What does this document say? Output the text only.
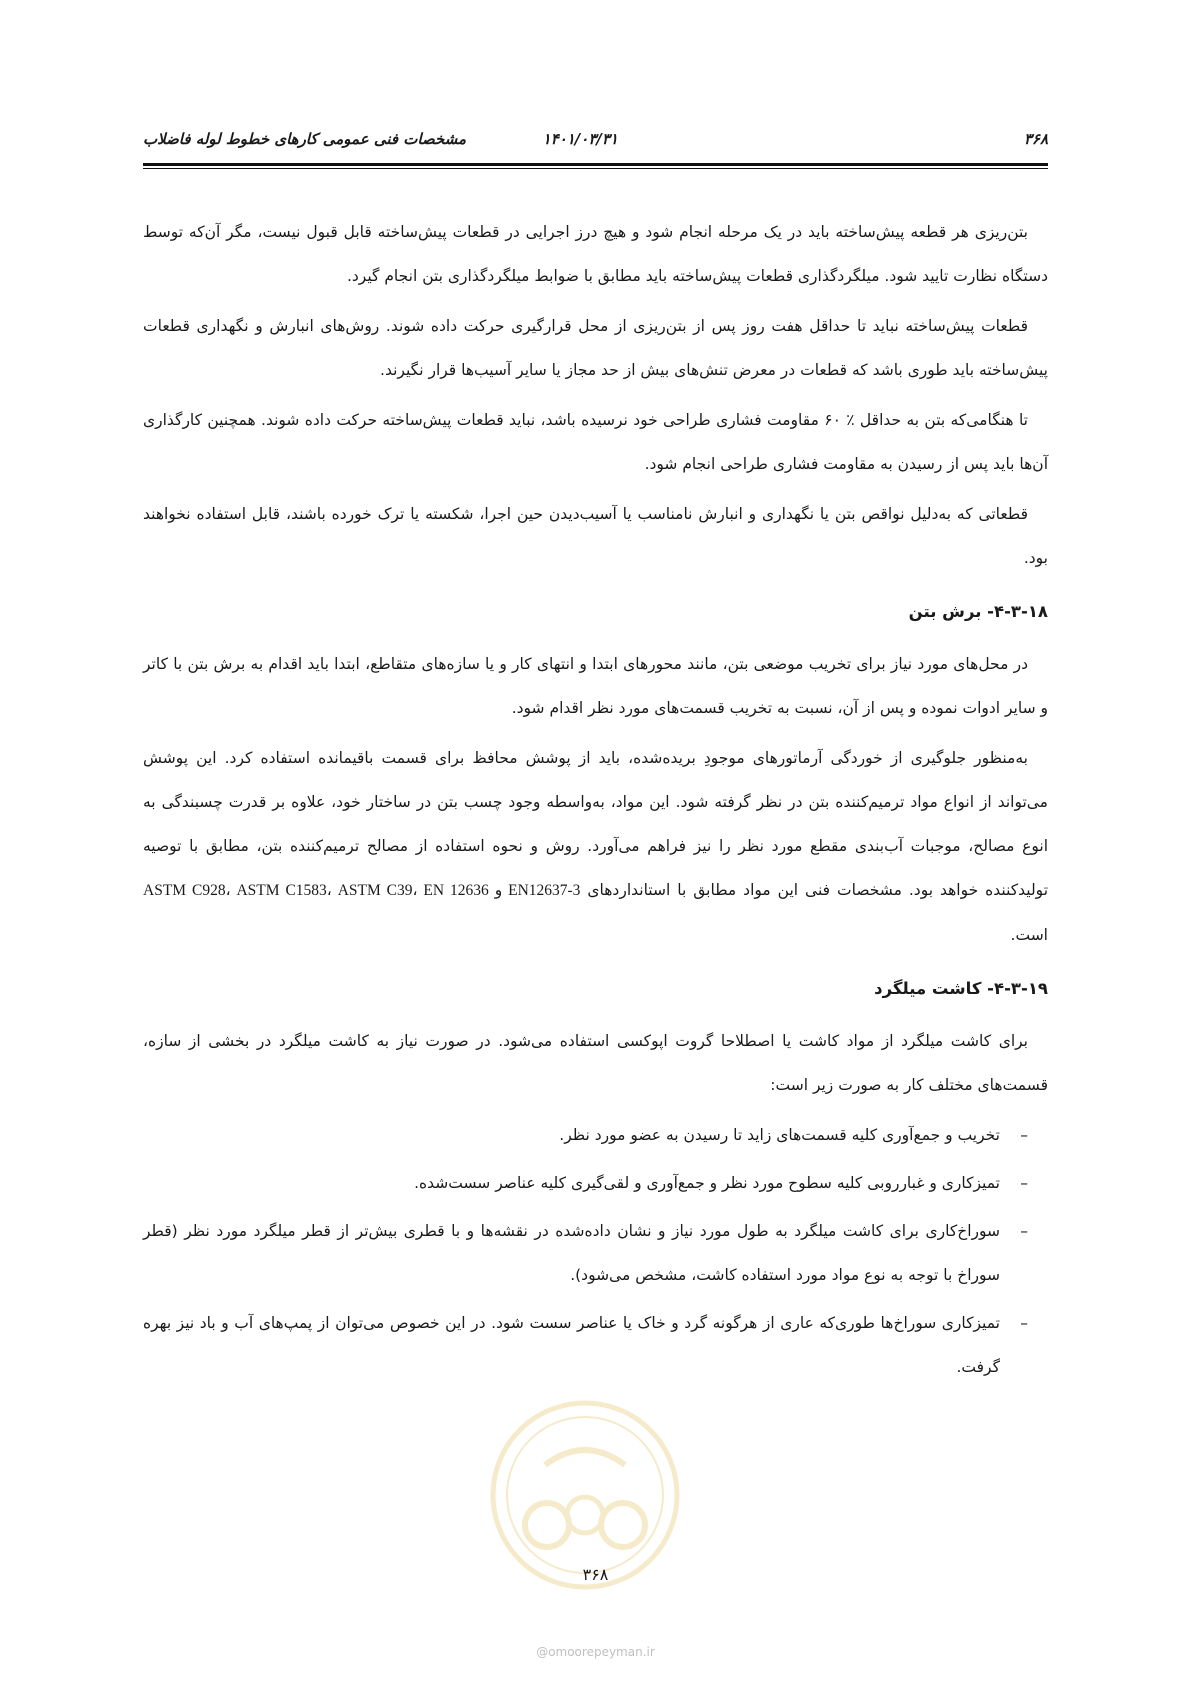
۳۶۸
۱۴۰۱/۰۳/۳۱
مشخصات فنی عمومی کارهای خطوط لوله فاضلاب

بتن‌ریزی هر قطعه پیش‌ساخته باید در یک مرحله انجام شود و هیچ درز اجرایی در قطعات پیش‌ساخته قابل قبول نیست، مگر آن‌که توسط دستگاه نظارت تایید شود. میلگردگذاری قطعات پیش‌ساخته باید مطابق با ضوابط میلگردگذاری بتن انجام گیرد.

قطعات پیش‌ساخته نباید تا حداقل هفت روز پس از بتن‌ریزی از محل قرارگیری حرکت داده شوند. روش‌های انبارش و نگهداری قطعات پیش‌ساخته باید طوری باشد که قطعات در معرض تنش‌های بیش از حد مجاز یا سایر آسیب‌ها قرار نگیرند.

تا هنگامی‌که بتن به حداقل ٪ ۶۰ مقاومت فشاری طراحی خود نرسیده باشد، نباید قطعات پیش‌ساخته حرکت داده شوند. همچنین کارگذاری آن‌ها باید پس از رسیدن به مقاومت فشاری طراحی انجام شود.

قطعاتی که به‌دلیل نواقص بتن یا نگهداری و انبارش نامناسب یا آسیب‌دیدن حین اجرا، شکسته یا ترک خورده باشند، قابل استفاده نخواهند بود.

۴-۳-۱۸- برش بتن

در محل‌های مورد نیاز برای تخریب موضعی بتن، مانند محورهای ابتدا و انتهای کار و یا سازه‌های متقاطع، ابتدا باید اقدام به برش بتن با کاتر و سایر ادوات نموده و پس از آن، نسبت به تخریب قسمت‌های مورد نظر اقدام شود.

به‌منظور جلوگیری از خوردگی آرماتورهای موجودِ بریده‌شده، باید از پوشش محافظ برای قسمت باقیمانده استفاده کرد. این پوشش می‌تواند از انواع مواد ترمیم‌کننده بتن در نظر گرفته شود. این مواد، به‌واسطه وجود چسب بتن در ساختار خود، علاوه بر قدرت چسبندگی به انوع مصالح، موجبات آب‌بندی مقطع مورد نظر را نیز فراهم می‌آورد. روش و نحوه استفاده از مصالح ترمیم‌کننده بتن، مطابق با توصیه تولیدکننده خواهد بود. مشخصات فنی این مواد مطابق با استانداردهای ASTM C928، ASTM C1583، ASTM C39، EN 12636 و EN12637-3 است.

۴-۳-۱۹- کاشت میلگرد

برای کاشت میلگرد از مواد کاشت یا اصطلاحا گروت اپوکسی استفاده می‌شود. در صورت نیاز به کاشت میلگرد در بخشی از سازه، قسمت‌های مختلف کار به صورت زیر است:

– تخریب و جمع‌آوری کلیه قسمت‌های زاید تا رسیدن به عضو مورد نظر.
– تمیزکاری و غبارروبی کلیه سطوح مورد نظر و جمع‌آوری و لقی‌گیری کلیه عناصر سست‌شده.
– سوراخ‌کاری برای کاشت میلگرد به طول مورد نیاز و نشان داده‌شده در نقشه‌ها و با قطری بیش‌تر از قطر میلگرد مورد نظر (قطر سوراخ با توجه به نوع مواد مورد استفاده کاشت، مشخص می‌شود).
– تمیزکاری سوراخ‌ها طوری‌که عاری از هرگونه گرد و خاک یا عناصر سست شود. در این خصوص می‌توان از پمپ‌های آب و باد نیز بهره گرفت.
۳۶۸
@omoorepeyman.ir
